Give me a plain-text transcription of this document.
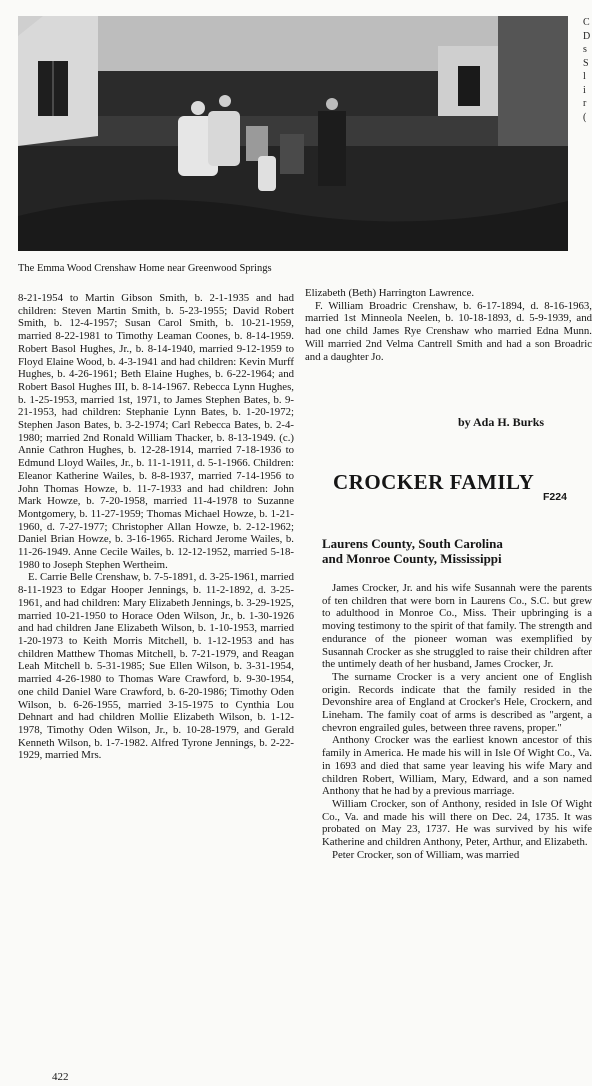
The Emma Wood Crenshaw Home near Greenwood Springs
C
D
s
S
l
i
r
(

8-21-1954 to Martin Gibson Smith, b. 2-1-1935 and had children: Steven Martin Smith, b. 5-23-1955; David Robert Smith, b. 12-4-1957; Susan Carol Smith, b. 10-21-1959, married 8-22-1981 to Timothy Leaman Coones, b. 8-14-1959. Robert Basol Hughes, Jr., b. 8-14-1940, married 9-12-1959 to Floyd Elaine Wood, b. 4-3-1941 and had children: Kevin Murff Hughes, b. 4-26-1961; Beth Elaine Hughes, b. 6-22-1964; and Robert Basol Hughes III, b. 8-14-1967. Rebecca Lynn Hughes, b. 1-25-1953, married 1st, 1971, to James Stephen Bates, b. 9-21-1953, had children: Stephanie Lynn Bates, b. 1-20-1972; Stephen Jason Bates, b. 3-2-1974; Carl Rebecca Bates, b. 2-4-1980; married 2nd Ronald William Thacker, b. 8-13-1949. (c.) Annie Cathron Hughes, b. 12-28-1914, married 7-18-1936 to Edmund Lloyd Wailes, Jr., b. 11-1-1911, d. 5-1-1966. Children: Eleanor Katherine Wailes, b. 8-8-1937, married 7-14-1956 to John Thomas Howze, b. 11-7-1933 and had children: John Mark Howze, b. 7-20-1958, married 11-4-1978 to Suzanne Montgomery, b. 11-27-1959; Thomas Michael Howze, b. 1-21-1960, d. 7-27-1977; Christopher Allan Howze, b. 2-12-1962; Daniel Brian Howze, b. 3-16-1965. Richard Jerome Wailes, b. 11-26-1949. Anne Cecile Wailes, b. 12-12-1952, married 5-18-1980 to Joseph Stephen Wertheim.

E. Carrie Belle Crenshaw, b. 7-5-1891, d. 3-25-1961, married 8-11-1923 to Edgar Hooper Jennings, b. 11-2-1892, d. 3-25-1961, and had children: Mary Elizabeth Jennings, b. 3-29-1925, married 10-21-1950 to Horace Oden Wilson, Jr., b. 1-30-1926 and had children Jane Elizabeth Wilson, b. 1-10-1953, married 1-20-1973 to Keith Morris Mitchell, b. 1-12-1953 and has children Matthew Thomas Mitchell, b. 7-21-1979, and Reagan Leah Mitchell b. 5-31-1985; Sue Ellen Wilson, b. 3-31-1954, married 4-26-1980 to Thomas Ware Crawford, b. 9-30-1954, one child Daniel Ware Crawford, b. 6-20-1986; Timothy Oden Wilson, b. 6-26-1955, married 3-15-1975 to Cynthia Lou Dehnart and had children Mollie Elizabeth Wilson, b. 1-12-1978, Timothy Oden Wilson, Jr., b. 10-28-1979, and Gerald Kenneth Wilson, b. 1-7-1982. Alfred Tyrone Jennings, b. 2-22-1929, married Mrs.

Elizabeth (Beth) Harrington Lawrence.

F. William Broadric Crenshaw, b. 6-17-1894, d. 8-16-1963, married 1st Minneola Neelen, b. 10-18-1893, d. 5-9-1939, and had one child James Rye Crenshaw who married Edna Munn. Will married 2nd Velma Cantrell Smith and had a son Broadric and a daughter Jo.

by Ada H. Burks
CROCKER FAMILY
F224
Laurens County, South Carolina
and Monroe County, Mississippi

James Crocker, Jr. and his wife Susannah were the parents of ten children that were born in Laurens Co., S.C. but grew to adulthood in Monroe Co., Miss. Their upbringing is a moving testimony to the spirit of that family. The strength and endurance of the pioneer woman was exemplified by Susannah Crocker as she struggled to raise their children after the untimely death of her husband, James Crocker, Jr.

The surname Crocker is a very ancient one of English origin. Records indicate that the family resided in the Devonshire area of England at Crocker's Hele, Crockern, and Lineham. The family coat of arms is described as "argent, a chevron engrailed gules, between three ravens, proper."

Anthony Crocker was the earliest known ancestor of this family in America. He made his will in Isle Of Wight Co., Va. in 1693 and died that same year leaving his wife Mary and children Robert, William, Mary, Edward, and a son named Anthony that he had by a previous marriage.

William Crocker, son of Anthony, resided in Isle Of Wight Co., Va. and made his will there on Dec. 24, 1735. It was probated on May 23, 1737. He was survived by his wife Katherine and children Anthony, Peter, Arthur, and Elizabeth.

Peter Crocker, son of William, was married

422
